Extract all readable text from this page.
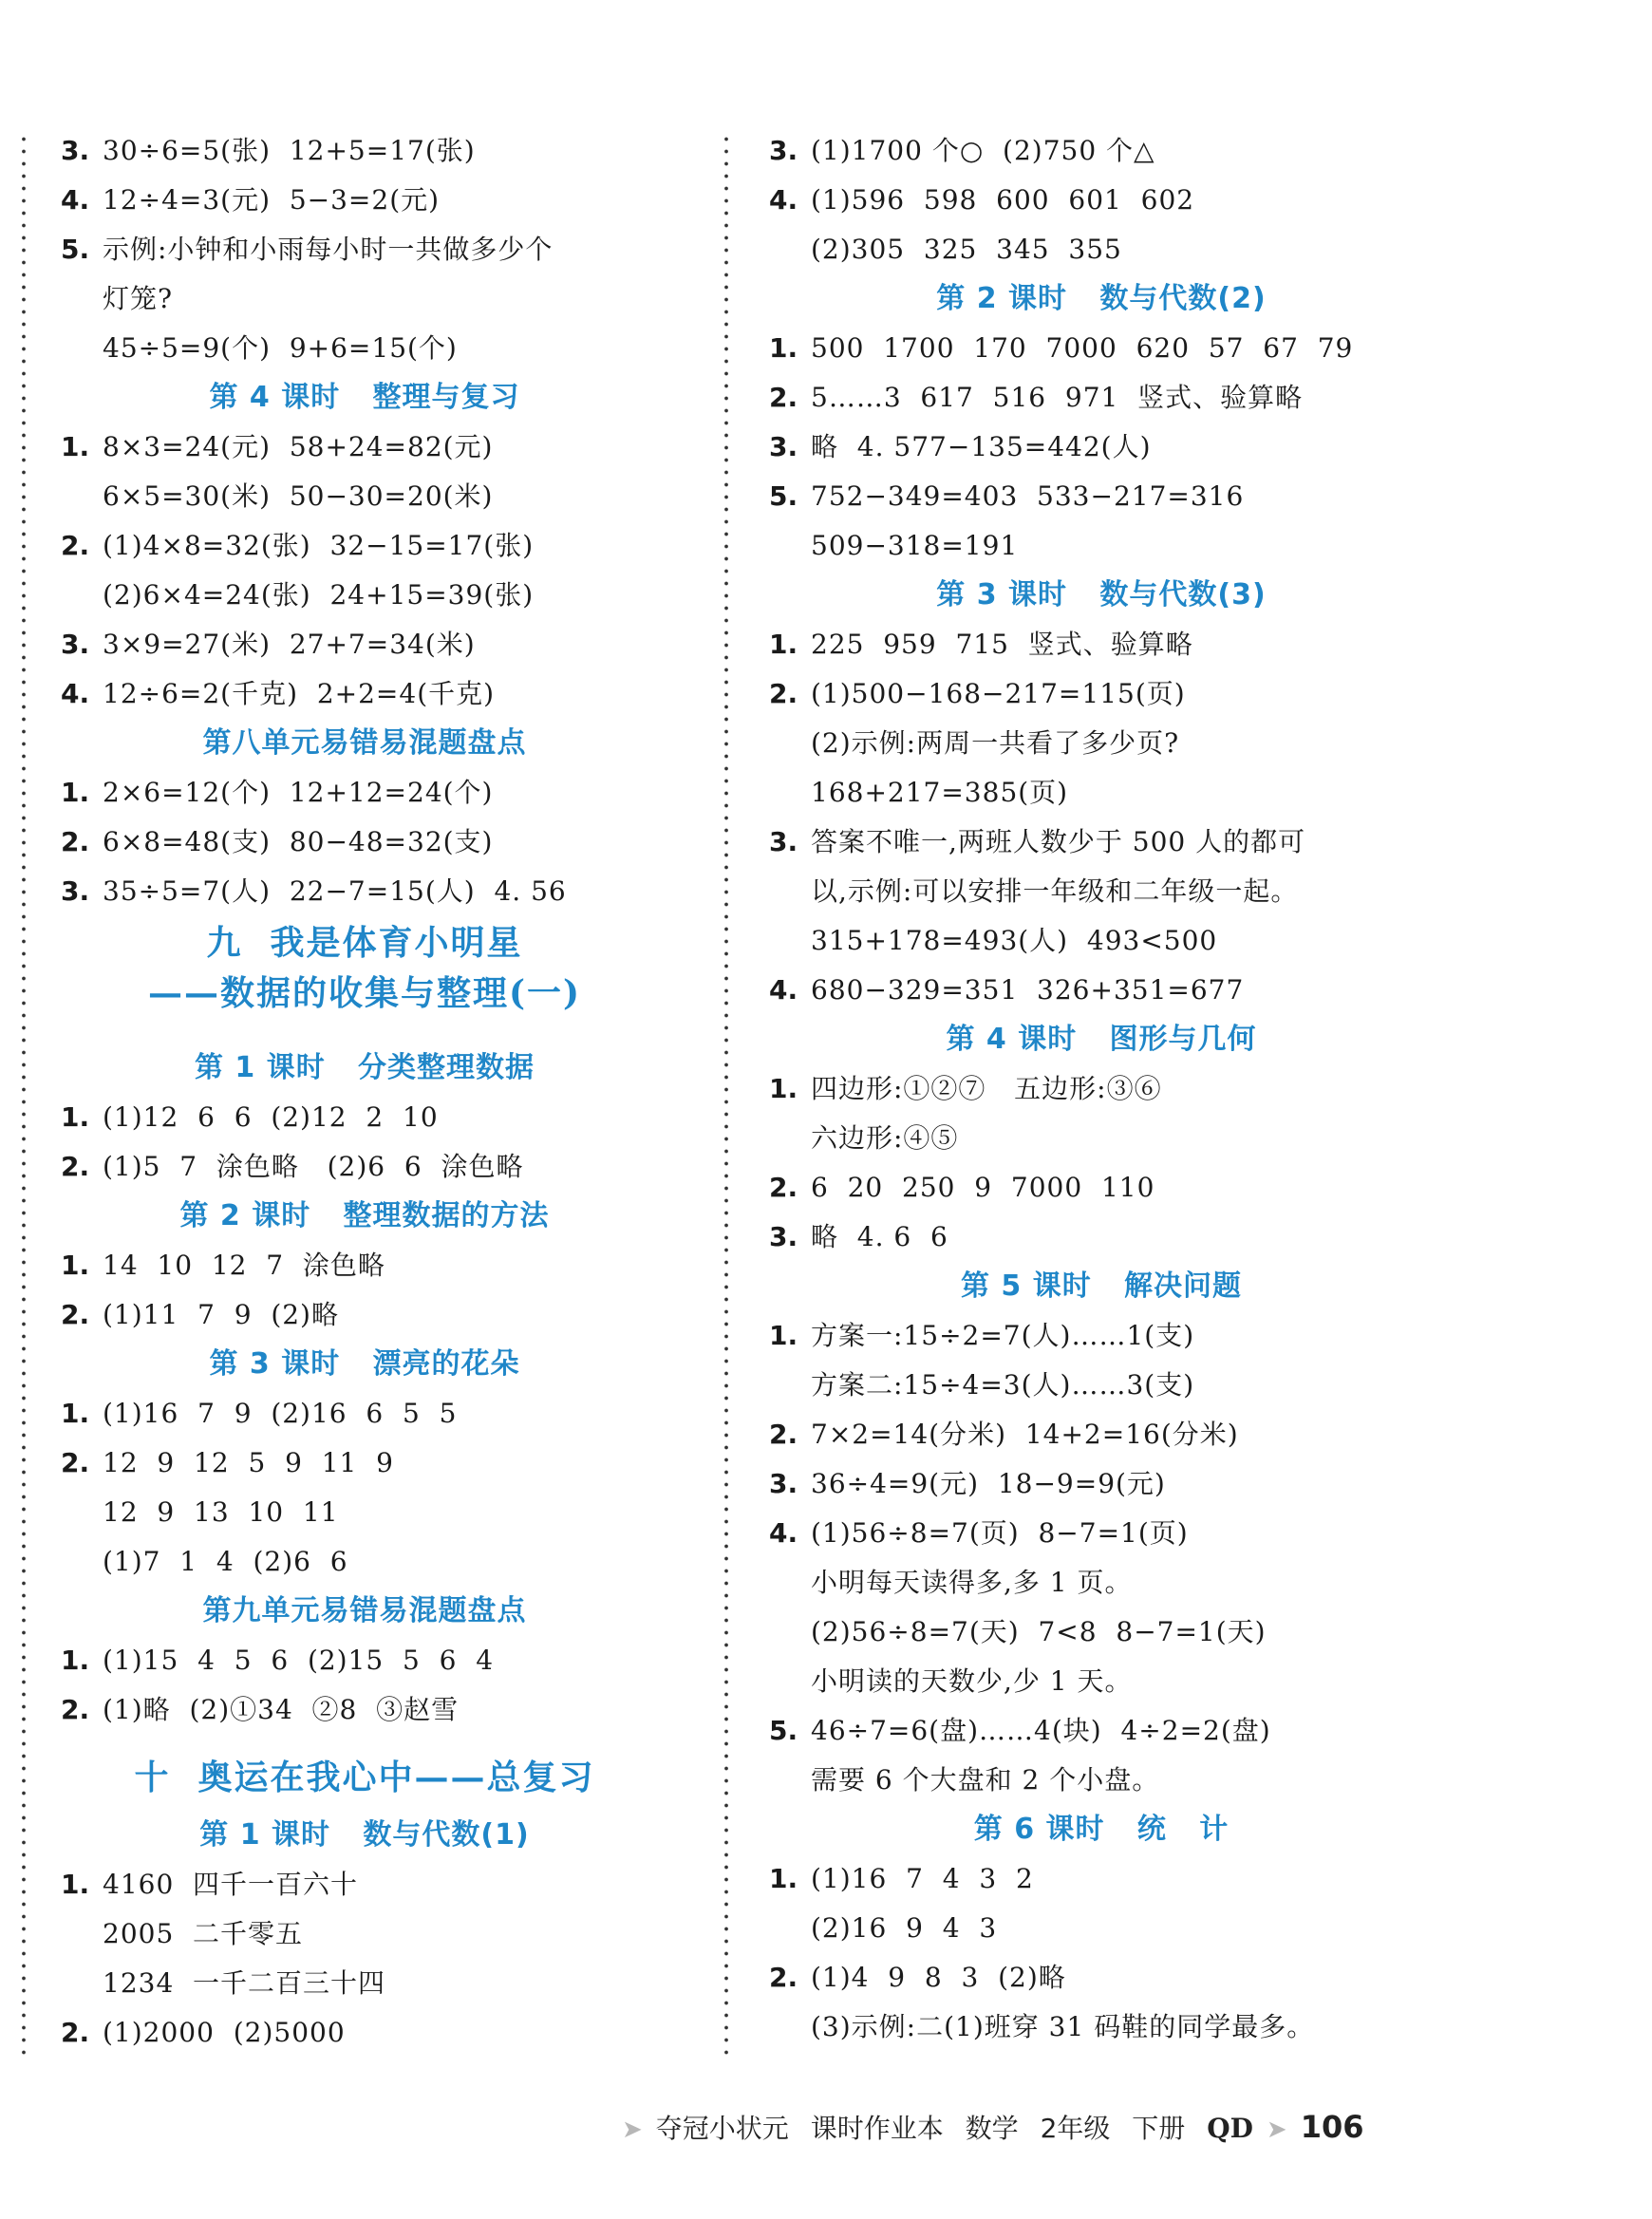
3. 30÷6=5(张)  12+5=17(张)
4. 12÷4=3(元)  5−3=2(元)
5. 示例:小钟和小雨每小时一共做多少个
灯笼?
45÷5=9(个)  9+6=15(个)
第 4 课时   整理与复习
1. 8×3=24(元)  58+24=82(元)
6×5=30(米)  50−30=20(米)
2. (1)4×8=32(张)  32−15=17(张)
(2)6×4=24(张)  24+15=39(张)
3. 3×9=27(米)  27+7=34(米)
4. 12÷6=2(千克)  2+2=4(千克)
第八单元易错易混题盘点
1. 2×6=12(个)  12+12=24(个)
2. 6×8=48(支)  80−48=32(支)
3. 35÷5=7(人)  22−7=15(人)  4. 56
九  我是体育小明星
——数据的收集与整理(一)
第 1 课时   分类整理数据
1. (1)12  6  6  (2)12  2  10
2. (1)5  7  涂色略   (2)6  6  涂色略
第 2 课时   整理数据的方法
1. 14  10  12  7  涂色略
2. (1)11  7  9  (2)略
第 3 课时   漂亮的花朵
1. (1)16  7  9  (2)16  6  5  5
2. 12  9  12  5  9  11  9
12  9  13  10  11
(1)7  1  4  (2)6  6
第九单元易错易混题盘点
1. (1)15  4  5  6  (2)15  5  6  4
2. (1)略  (2)①34  ②8  ③赵雪
十  奥运在我心中——总复习
第 1 课时   数与代数(1)
1. 4160  四千一百六十
2005  二千零五
1234  一千二百三十四
2. (1)2000  (2)5000
3. (1)1700 个○  (2)750 个△
4. (1)596  598  600  601  602
(2)305  325  345  355
第 2 课时   数与代数(2)
1. 500  1700  170  7000  620  57  67  79
2. 5……3  617  516  971  竖式、验算略
3. 略  4. 577−135=442(人)
5. 752−349=403  533−217=316
509−318=191
第 3 课时   数与代数(3)
1. 225  959  715  竖式、验算略
2. (1)500−168−217=115(页)
(2)示例:两周一共看了多少页?
168+217=385(页)
3. 答案不唯一,两班人数少于 500 人的都可
以,示例:可以安排一年级和二年级一起。
315+178=493(人)  493<500
4. 680−329=351  326+351=677
第 4 课时   图形与几何
1. 四边形:①②⑦   五边形:③⑥
六边形:④⑤
2. 6  20  250  9  7000  110
3. 略  4. 6  6
第 5 课时   解决问题
1. 方案一:15÷2=7(人)……1(支)
方案二:15÷4=3(人)……3(支)
2. 7×2=14(分米)  14+2=16(分米)
3. 36÷4=9(元)  18−9=9(元)
4. (1)56÷8=7(页)  8−7=1(页)
小明每天读得多,多 1 页。
(2)56÷8=7(天)  7<8  8−7=1(天)
小明读的天数少,少 1 天。
5. 46÷7=6(盘)……4(块)  4÷2=2(盘)
需要 6 个大盘和 2 个小盘。
第 6 课时   统   计
1. (1)16  7  4  3  2
(2)16  9  4  3
2. (1)4  9  8  3  (2)略
(3)示例:二(1)班穿 31 码鞋的同学最多。
➤ 夺冠小状元 课时作业本 数学 2年级 下册 QD ➤ 106
